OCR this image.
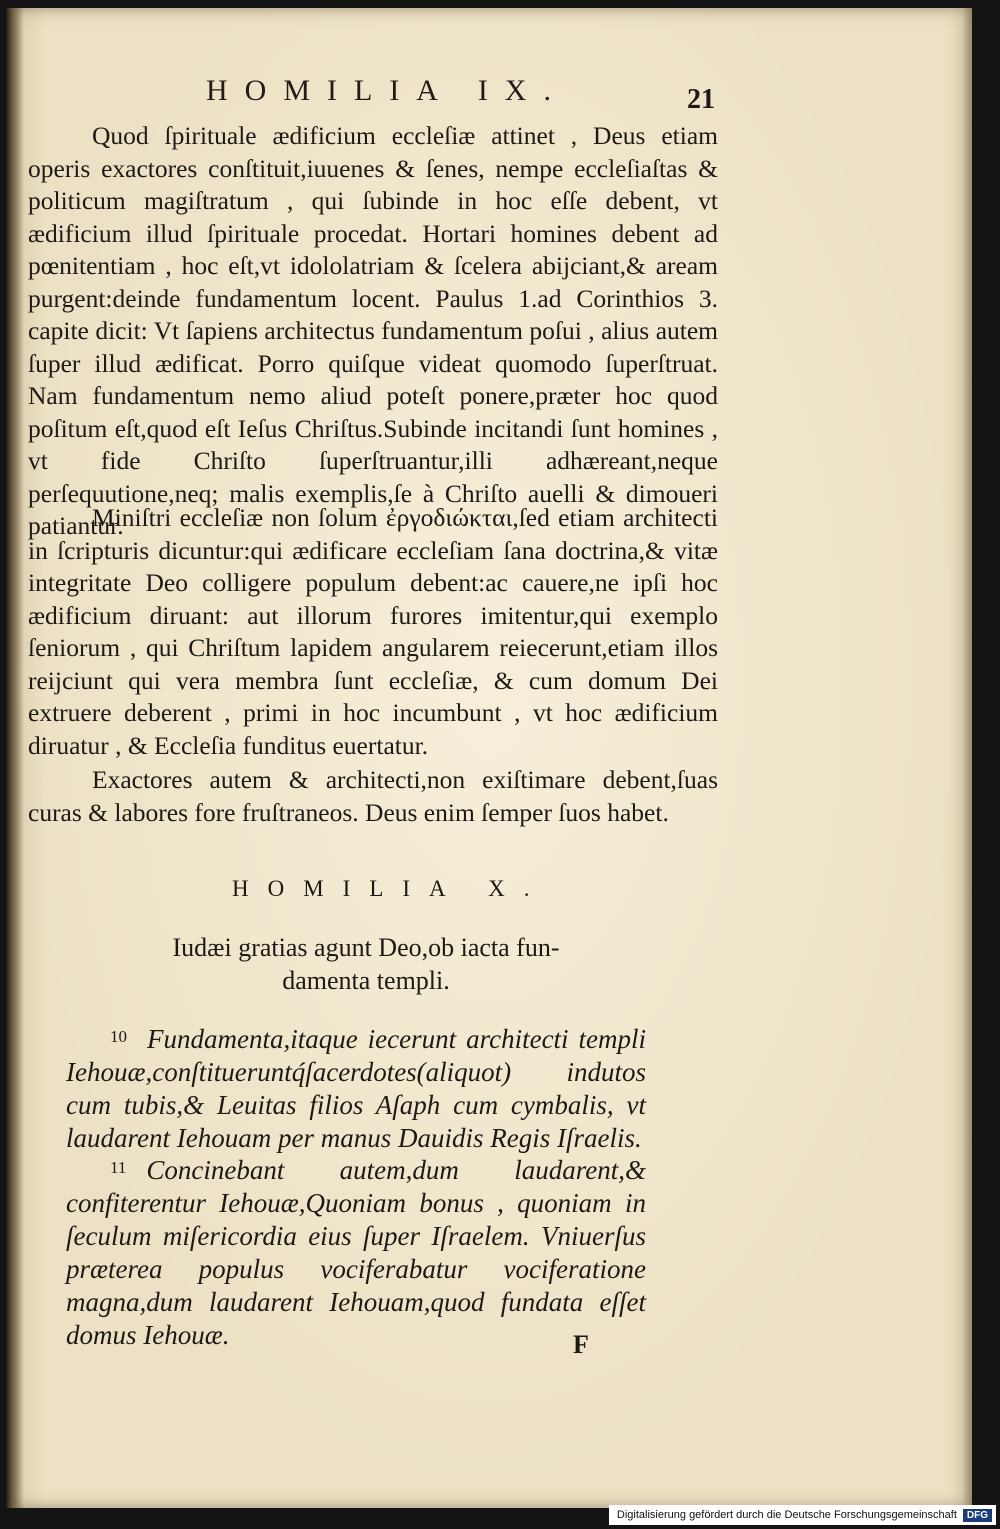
HOMILIA IX.	21

Quod ſpirituale ædificium eccleſiæ attinet , Deus etiam operis exactores conſtituit,iuuenes & ſenes, nempe eccleſiaſtas & politicum magiſtratum , qui ſubinde in hoc eſſe debent, vt ædificium illud ſpirituale procedat. Hortari homines debent ad pœnitentiam , hoc eſt,vt idololatriam & ſcelera abijciant,& aream purgent:deinde fundamentum locent. Paulus 1.ad Corinthios 3. capite dicit: Vt ſapiens architectus fundamentum poſui , alius autem ſuper illud ædificat. Porro quiſque videat quomodo ſuperſtruat. Nam fundamentum nemo aliud poteſt ponere,præter hoc quod poſitum eſt,quod eſt Ieſus Chriſtus.Subinde incitandi ſunt homines , vt fide Chriſto ſuperſtruantur,illi adhæreant,neque perſequutione,neq; malis exemplis,ſe à Chriſto auelli & dimoueri patiantur.

Miniſtri eccleſiæ non ſolum ἐργοδιώκται,ſed etiam architecti in ſcripturis dicuntur:qui ædificare eccleſiam ſana doctrina,& vitæ integritate Deo colligere populum debent:ac cauere,ne ipſi hoc ædificium diruant: aut illorum furores imitentur,qui exemplo ſeniorum , qui Chriſtum lapidem angularem reiecerunt,etiam illos reijciunt qui vera membra ſunt eccleſiæ, & cum domum Dei extruere deberent , primi in hoc incumbunt , vt hoc ædificium diruatur , & Eccleſia funditus euertatur.

Exactores autem & architecti,non exiſtimare debent,ſuas curas & labores fore fruſtraneos. Deus enim ſemper ſuos habet.

HOMILIA X.
Iudæi gratias agunt Deo,ob iacta fun-
damenta templi.
$^{10}$ Fundamenta,itaque iecerunt architecti templi Iehouæ,conſtitueruntq́ſacerdotes(aliquot) indutos cum tubis,& Leuitas filios Aſaph cum cymbalis, vt laudarent Iehouam per manus Dauidis Regis Iſraelis.
$^{11}$ Concinebant autem,dum laudarent,& confiterentur Iehouæ,Quoniam bonus , quoniam in ſeculum miſericordia eius ſuper Iſraelem. Vniuerſus præterea populus vociferabatur vociferatione magna,dum laudarent Iehouam,quod fundata eſſet domus Iehouæ.	F
Digitalisierung gefördert durch die Deutsche Forschungsgemeinschaft	DFG
